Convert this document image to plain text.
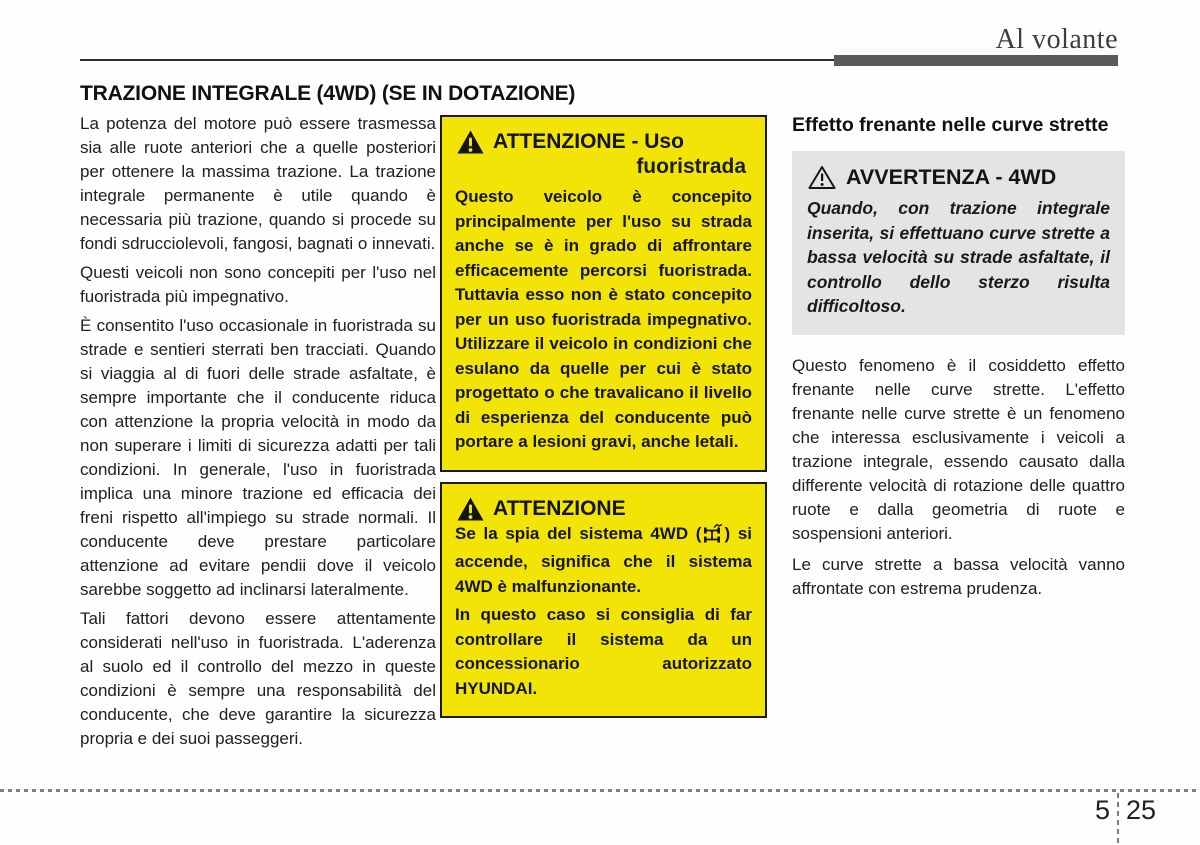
Al volante
TRAZIONE INTEGRALE (4WD) (SE IN DOTAZIONE)

La potenza del motore può essere trasmessa sia alle ruote anteriori che a quelle posteriori per ottenere la massima trazione. La trazione integrale permanente è utile quando è necessaria più trazione, quando si procede su fondi sdrucciolevoli, fangosi, bagnati o innevati.

Questi veicoli non sono concepiti per l'uso nel fuoristrada più impegnativo.

È consentito l'uso occasionale in fuoristrada su strade e sentieri sterrati ben tracciati. Quando si viaggia al di fuori delle strade asfaltate, è sempre importante che il conducente riduca con attenzione la propria velocità in modo da non superare i limiti di sicurezza adatti per tali condizioni. In generale, l'uso in fuoristrada implica una minore trazione ed efficacia dei freni rispetto all'impiego su strade normali. Il conducente deve prestare particolare attenzione ad evitare pendii dove il veicolo sarebbe soggetto ad inclinarsi lateralmente.

Tali fattori devono essere attentamente considerati nell'uso in fuoristrada. L'aderenza al suolo ed il controllo del mezzo in queste condizioni è sempre una responsabilità del conducente, che deve garantire la sicurezza propria e dei suoi passeggeri.

ATTENZIONE - Uso
fuoristrada
Questo veicolo è concepito principalmente per l'uso su strada anche se è in grado di affrontare efficacemente percorsi fuoristrada. Tuttavia esso non è stato concepito per un uso fuoristrada impegnativo. Utilizzare il veicolo in condizioni che esulano da quelle per cui è stato progettato o che travalicano il livello di esperienza del conducente può portare a lesioni gravi, anche letali.
ATTENZIONE

Se la spia del sistema 4WD ( ) si accende, significa che il sistema 4WD è malfunzionante.

In questo caso si consiglia di far controllare il sistema da un concessionario autorizzato HYUNDAI.

Effetto frenante nelle curve strette
AVVERTENZA - 4WD
Quando, con trazione integrale inserita, si effettuano curve strette a bassa velocità su strade asfaltate, il controllo dello sterzo risulta difficoltoso.

Questo fenomeno è il cosiddetto effetto frenante nelle curve strette. L'effetto frenante nelle curve strette è un fenomeno che interessa esclusivamente i veicoli a trazione integrale, essendo causato dalla differente velocità di rotazione delle quattro ruote e dalla geometria di ruote e sospensioni anteriori.

Le curve strette a bassa velocità vanno affrontate con estrema prudenza.

5 25
